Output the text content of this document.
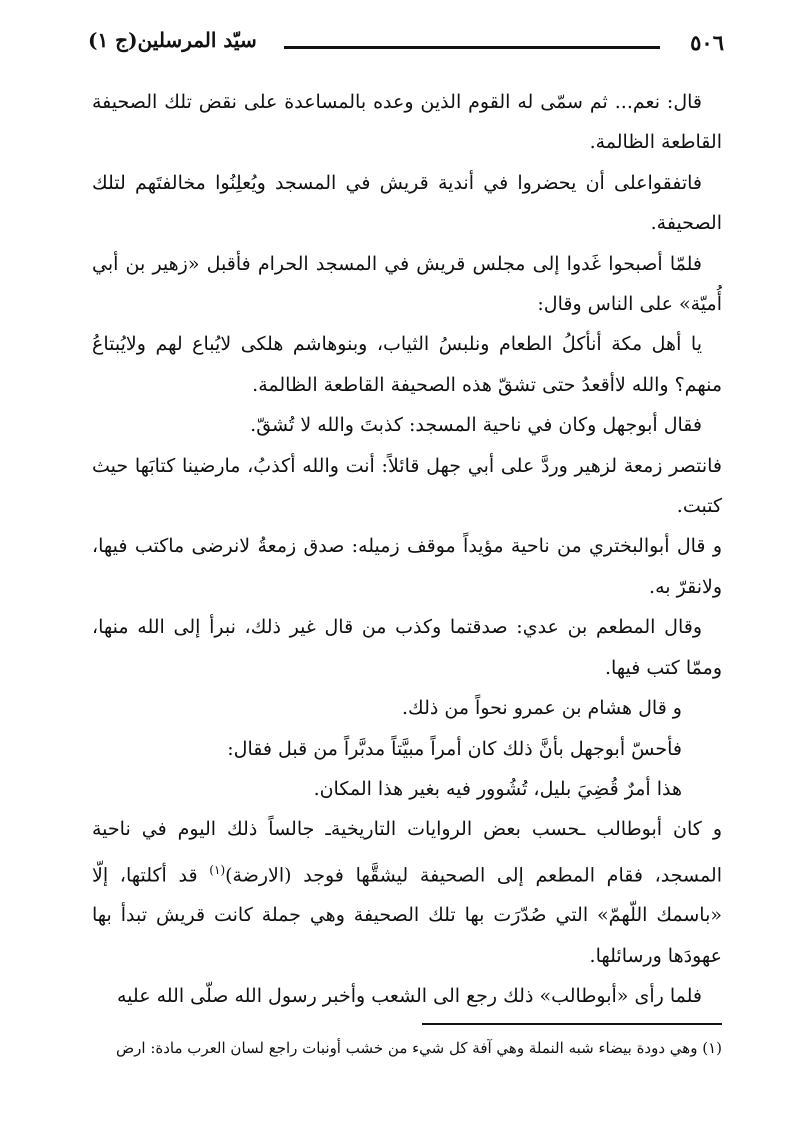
٥٠٦
سيّد المرسلين(ج ١)

قال: نعم... ثم سمّى له القوم الذين وعده بالمساعدة على نقض تلك الصحيفة القاطعة الظالمة.

فاتفقواعلى أن يحضروا في أندية قريش في المسجد ويُعلِنُوا مخالفتَهم لتلك الصحيفة.

فلمّا أصبحوا غَدوا إلى مجلس قريش في المسجد الحرام فأقبل «زهير بن أبي أُميّة» على الناس وقال:

يا أهل مكة أنأكلُ الطعام ونلبسُ الثياب، وبنوهاشم هلكى لايُباع لهم ولايُبتاعُ منهم؟ والله لاأقعدُ حتى تشقّ هذه الصحيفة القاطعة الظالمة.

فقال أبوجهل وكان في ناحية المسجد: كذبتَ والله لا تُشقّ.

فانتصر زمعة لزهير وردَّ على أبي جهل قائلاً: أنت والله أكذبُ، مارضينا كتابَها حيث كتبت.

و قال أبوالبختري من ناحية مؤيداً موقف زميله: صدق زمعةُ لانرضى ماكتب فيها، ولانقرّ به.

وقال المطعم بن عدي: صدقتما وكذب من قال غير ذلك، نبرأ إلى الله منها، وممّا كتب فيها.

و قال هشام بن عمرو نحواً من ذلك.

فأحسّ أبوجهل بأنَّ ذلك كان أمراً مبيَّتاً مدبَّراً من قبل فقال:

هذا أمرٌ قُضِيَ بليل، تُشُوور فيه بغير هذا المكان.

و كان أبوطالب ـحسب بعض الروايات التاريخيةـ جالساً ذلك اليوم في ناحية المسجد، فقام المطعم إلى الصحيفة ليشقَّها فوجد (الارضة)$^{(١)}$ قد أكلتها، إلّا «باسمك اللّهمّ» التي صُدّرَت بها تلك الصحيفة وهي جملة كانت قريش تبدأ بها عهودَها ورسائلها.

فلما رأى «أبوطالب» ذلك رجع الى الشعب وأخبر رسول الله صلّى الله عليه

(١) وهي دودة بيضاء شبه النملة وهي آفة كل شيء من خشب أونبات راجع لسان العرب مادة: ارض
